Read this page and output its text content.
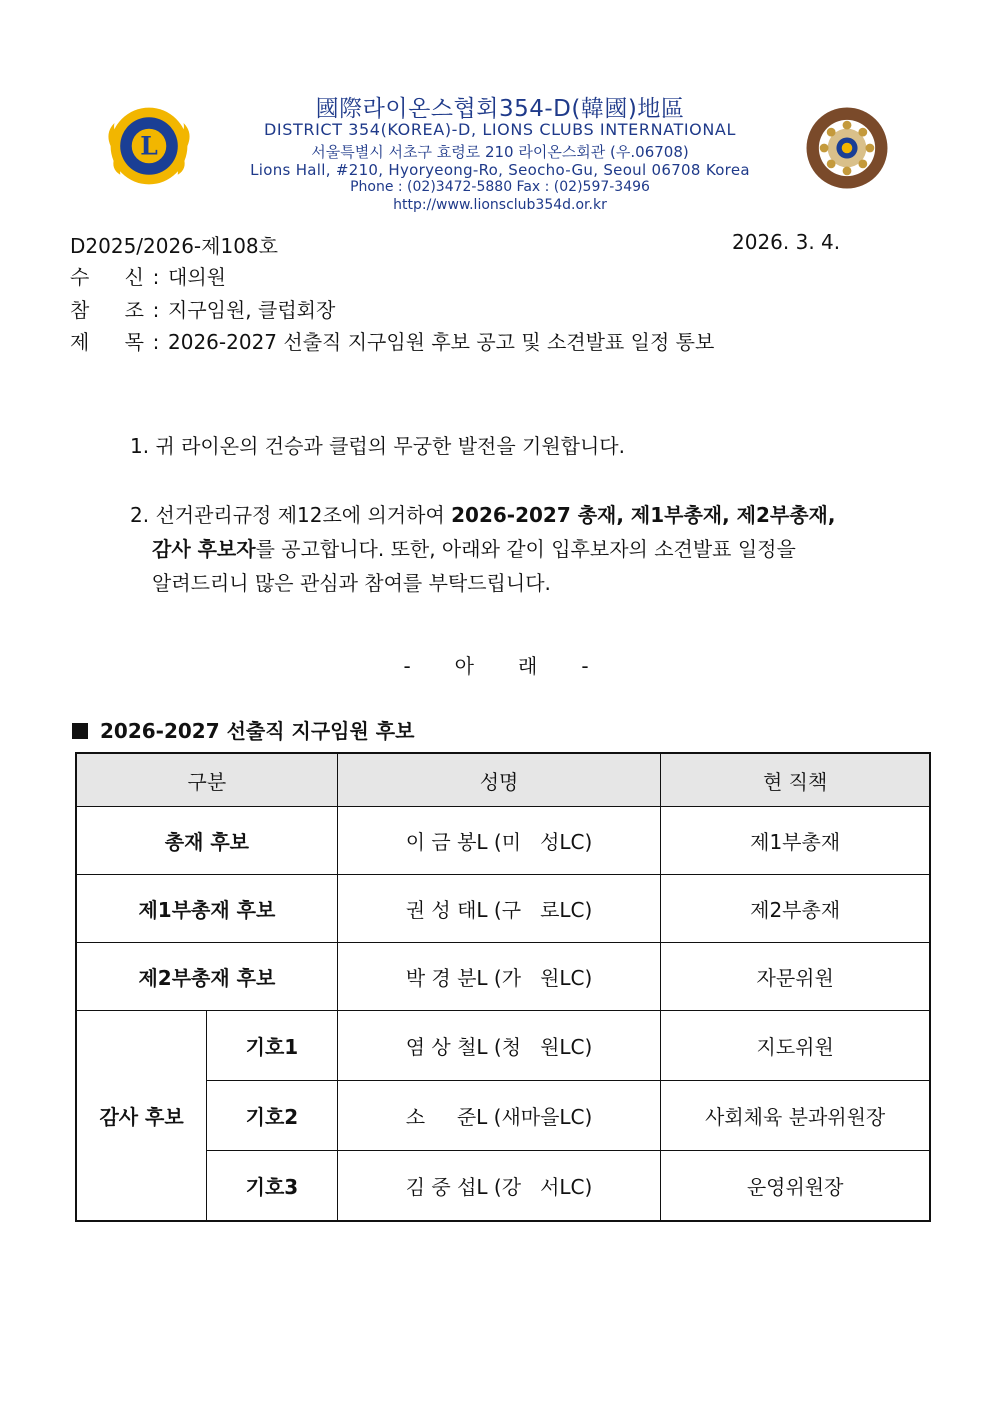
L
國際라이온스협회354-D(韓國)地區
DISTRICT 354(KOREA)-D, LIONS CLUBS INTERNATIONAL
서울특별시 서초구 효령로 210 라이온스회관 (우.06708)
Lions Hall, #210, Hyoryeong-Ro, Seocho-Gu, Seoul 06708 Korea
Phone : (02)3472-5880 Fax : (02)597-3496
http://www.lionsclub354d.or.kr
D2025/2026-제108호	2026. 3. 4.
수 신 : 대의원
참 조 : 지구임원, 클럽회장
제 목 : 2026-2027 선출직 지구임원 후보 공고 및 소견발표 일정 통보
1. 귀 라이온의 건승과 클럽의 무궁한 발전을 기원합니다.
2. 선거관리규정 제12조에 의거하여 2026-2027 총재, 제1부총재, 제2부총재,
감사 후보자를 공고합니다. 또한, 아래와 같이 입후보자의 소견발표 일정을
알려드리니 많은 관심과 참여를 부탁드립니다.
- 아 래 -
2026-2027 선출직 지구임원 후보
구분		성명	현 직책
총재 후보		이 금 봉L (미   성LC)	제1부총재
제1부총재 후보		권 성 태L (구   로LC)	제2부총재
제2부총재 후보		박 경 분L (가   원LC)	자문위원
감사 후보	기호1	염 상 철L (청   원LC)	지도위원
	기호2	소     준L (새마을LC)	사회체육 분과위원장
	기호3	김 중 섭L (강   서LC)	운영위원장
